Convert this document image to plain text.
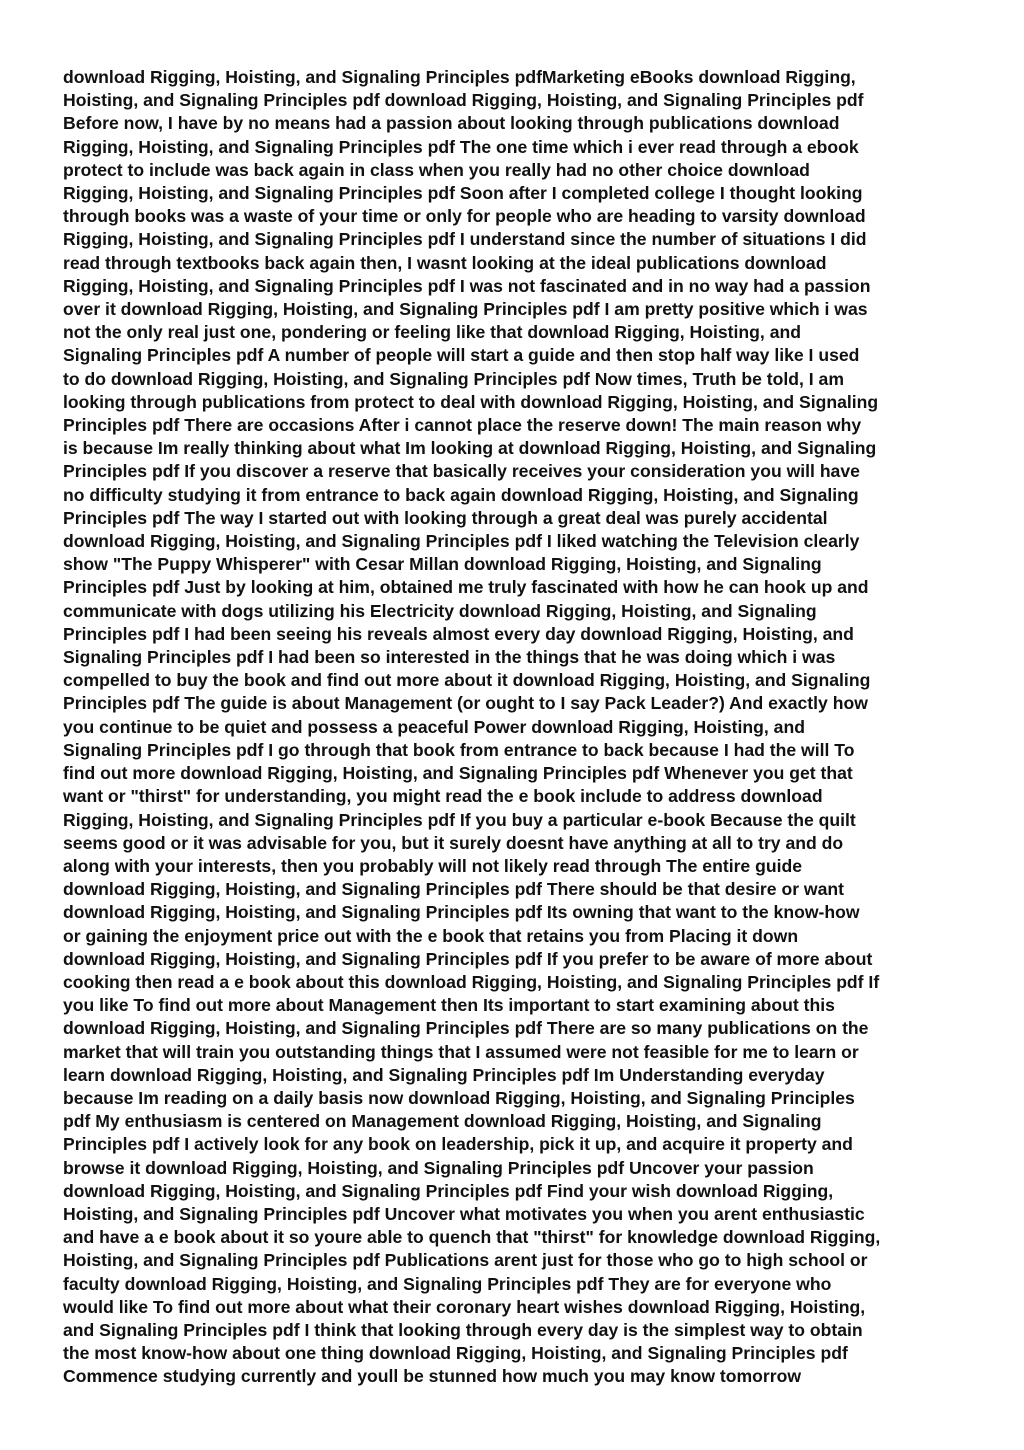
download Rigging, Hoisting, and Signaling Principles pdfMarketing eBooks download Rigging,
Hoisting, and Signaling Principles pdf download Rigging, Hoisting, and Signaling Principles pdf
Before now, I have by no means had a passion about looking through publications download
Rigging, Hoisting, and Signaling Principles pdf The one time which i ever read through a ebook
protect to include was back again in class when you really had no other choice download
Rigging, Hoisting, and Signaling Principles pdf Soon after I completed college I thought looking
through books was a waste of your time or only for people who are heading to varsity download
Rigging, Hoisting, and Signaling Principles pdf I understand since the number of situations I did
read through textbooks back again then, I wasnt looking at the ideal publications download
Rigging, Hoisting, and Signaling Principles pdf I was not fascinated and in no way had a passion
over it download Rigging, Hoisting, and Signaling Principles pdf I am pretty positive which i was
not the only real just one, pondering or feeling like that download Rigging, Hoisting, and
Signaling Principles pdf A number of people will start a guide and then stop half way like I used
to do download Rigging, Hoisting, and Signaling Principles pdf Now times, Truth be told, I am
looking through publications from protect to deal with download Rigging, Hoisting, and Signaling
Principles pdf There are occasions After i cannot place the reserve down! The main reason why
is because Im really thinking about what Im looking at download Rigging, Hoisting, and Signaling
Principles pdf If you discover a reserve that basically receives your consideration you will have
no difficulty studying it from entrance to back again download Rigging, Hoisting, and Signaling
Principles pdf The way I started out with looking through a great deal was purely accidental
download Rigging, Hoisting, and Signaling Principles pdf I liked watching the Television clearly
show "The Puppy Whisperer" with Cesar Millan download Rigging, Hoisting, and Signaling
Principles pdf Just by looking at him, obtained me truly fascinated with how he can hook up and
communicate with dogs utilizing his Electricity download Rigging, Hoisting, and Signaling
Principles pdf I had been seeing his reveals almost every day download Rigging, Hoisting, and
Signaling Principles pdf I had been so interested in the things that he was doing which i was
compelled to buy the book and find out more about it download Rigging, Hoisting, and Signaling
Principles pdf The guide is about Management (or ought to I say Pack Leader?) And exactly how
you continue to be quiet and possess a peaceful Power download Rigging, Hoisting, and
Signaling Principles pdf I go through that book from entrance to back because I had the will To
find out more download Rigging, Hoisting, and Signaling Principles pdf Whenever you get that
want or "thirst" for understanding, you might read the e book include to address download
Rigging, Hoisting, and Signaling Principles pdf If you buy a particular e-book Because the quilt
seems good or it was advisable for you, but it surely doesnt have anything at all to try and do
along with your interests, then you probably will not likely read through The entire guide
download Rigging, Hoisting, and Signaling Principles pdf There should be that desire or want
download Rigging, Hoisting, and Signaling Principles pdf Its owning that want to the know-how
or gaining the enjoyment price out with the e book that retains you from Placing it down
download Rigging, Hoisting, and Signaling Principles pdf If you prefer to be aware of more about
cooking then read a e book about this download Rigging, Hoisting, and Signaling Principles pdf If
you like To find out more about Management then Its important to start examining about this
download Rigging, Hoisting, and Signaling Principles pdf There are so many publications on the
market that will train you outstanding things that I assumed were not feasible for me to learn or
learn download Rigging, Hoisting, and Signaling Principles pdf Im Understanding everyday
because Im reading on a daily basis now download Rigging, Hoisting, and Signaling Principles
pdf My enthusiasm is centered on Management download Rigging, Hoisting, and Signaling
Principles pdf I actively look for any book on leadership, pick it up, and acquire it property and
browse it download Rigging, Hoisting, and Signaling Principles pdf Uncover your passion
download Rigging, Hoisting, and Signaling Principles pdf Find your wish download Rigging,
Hoisting, and Signaling Principles pdf Uncover what motivates you when you arent enthusiastic
and have a e book about it so youre able to quench that "thirst" for knowledge download Rigging,
Hoisting, and Signaling Principles pdf Publications arent just for those who go to high school or
faculty download Rigging, Hoisting, and Signaling Principles pdf They are for everyone who
would like To find out more about what their coronary heart wishes download Rigging, Hoisting,
and Signaling Principles pdf I think that looking through every day is the simplest way to obtain
the most know-how about one thing download Rigging, Hoisting, and Signaling Principles pdf
Commence studying currently and youll be stunned how much you may know tomorrow
